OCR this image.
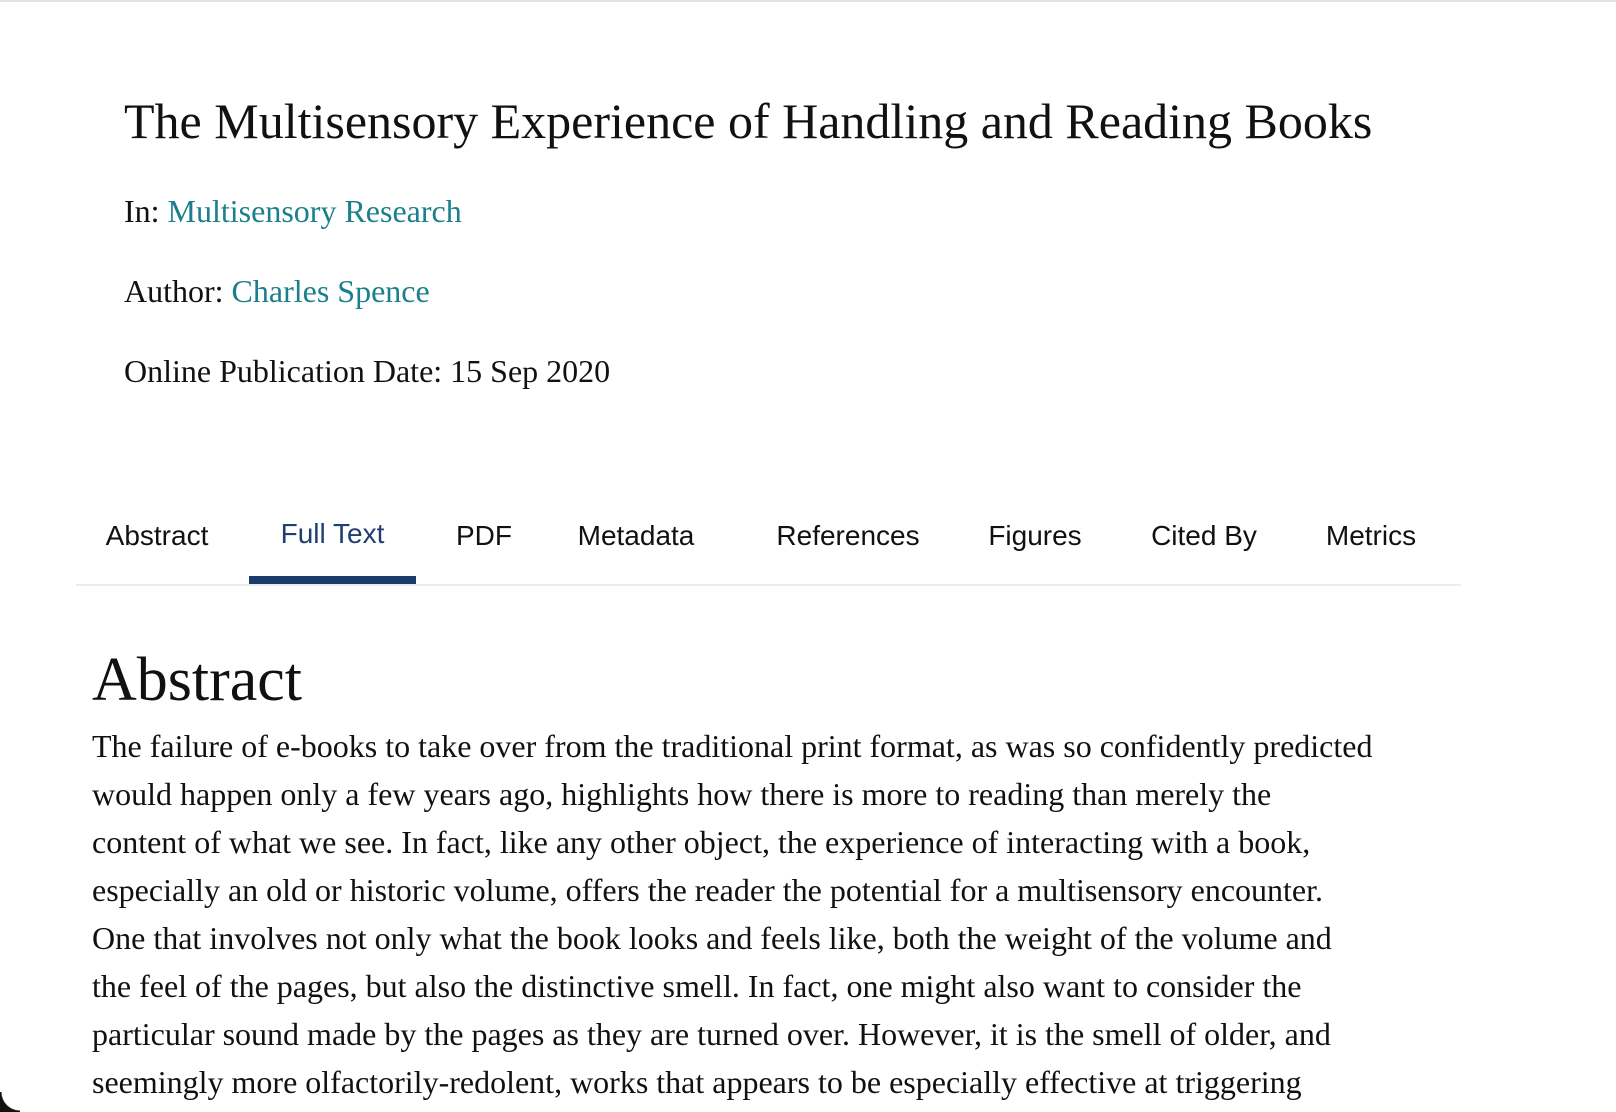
The Multisensory Experience of Handling and Reading Books
In: Multisensory Research
Author: Charles Spence
Online Publication Date: 15 Sep 2020
Abstract	Full Text	PDF Metadata	References	Figures Cited By Metrics
Abstract

The failure of e-books to take over from the traditional print format, as was so confidently predicted
would happen only a few years ago, highlights how there is more to reading than merely the
content of what we see. In fact, like any other object, the experience of interacting with a book,
especially an old or historic volume, offers the reader the potential for a multisensory encounter.
One that involves not only what the book looks and feels like, both the weight of the volume and
the feel of the pages, but also the distinctive smell. In fact, one might also want to consider the
particular sound made by the pages as they are turned over. However, it is the smell of older, and
seemingly more olfactorily-redolent, works that appears to be especially effective at triggering
